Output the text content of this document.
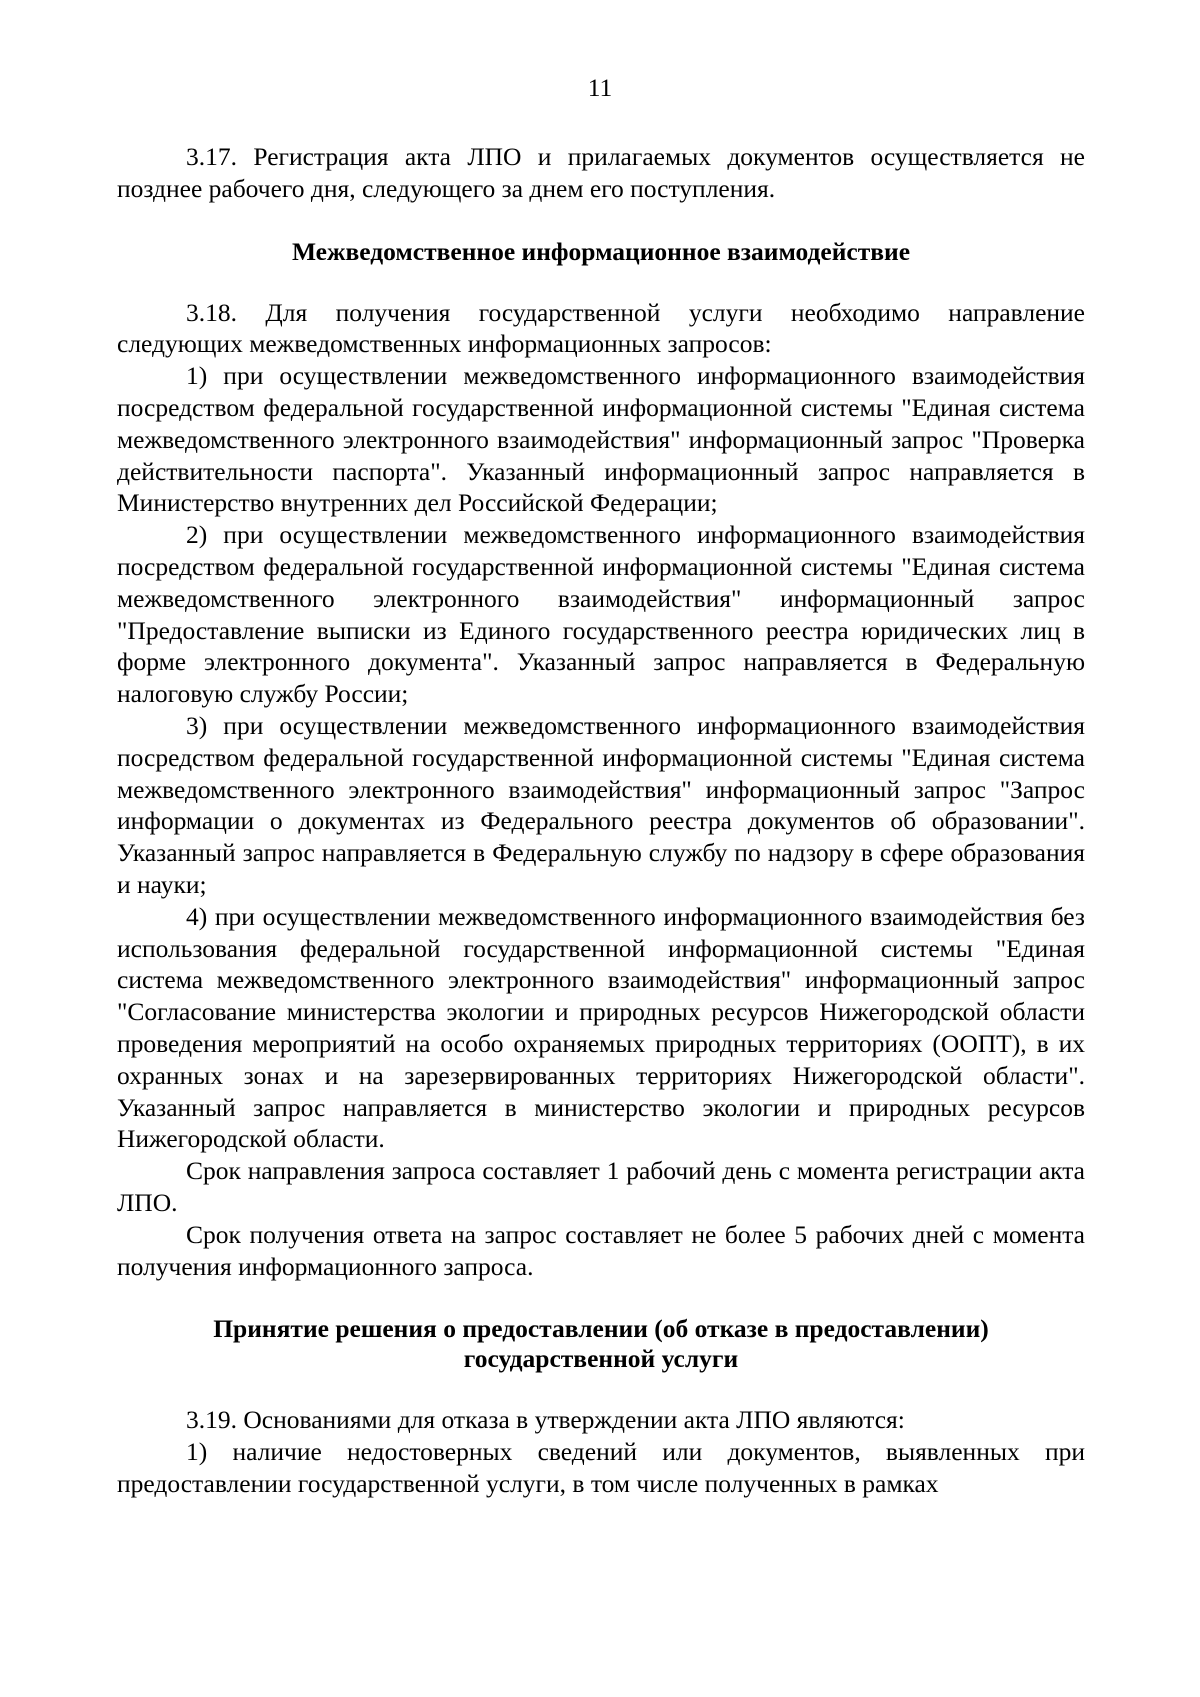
11

3.17. Регистрация акта ЛПО и прилагаемых документов осуществляется не позднее рабочего дня, следующего за днем его поступления.

Межведомственное информационное взаимодействие

3.18. Для получения государственной услуги необходимо направление следующих межведомственных информационных запросов:

1) при осуществлении межведомственного информационного взаимодействия посредством федеральной государственной информационной системы "Единая система межведомственного электронного взаимодействия" информационный запрос "Проверка действительности паспорта". Указанный информационный запрос направляется в Министерство внутренних дел Российской Федерации;

2) при осуществлении межведомственного информационного взаимодействия посредством федеральной государственной информационной системы "Единая система межведомственного электронного взаимодействия" информационный запрос "Предоставление выписки из Единого государственного реестра юридических лиц в форме электронного документа". Указанный запрос направляется в Федеральную налоговую службу России;

3) при осуществлении межведомственного информационного взаимодействия посредством федеральной государственной информационной системы "Единая система межведомственного электронного взаимодействия" информационный запрос "Запрос информации о документах из Федерального реестра документов об образовании". Указанный запрос направляется в Федеральную службу по надзору в сфере образования и науки;

4) при осуществлении межведомственного информационного взаимодействия без использования федеральной государственной информационной системы "Единая система межведомственного электронного взаимодействия" информационный запрос "Согласование министерства экологии и природных ресурсов Нижегородской области проведения мероприятий на особо охраняемых природных территориях (ООПТ), в их охранных зонах и на зарезервированных территориях Нижегородской области". Указанный запрос направляется в министерство экологии и природных ресурсов Нижегородской области.

Срок направления запроса составляет 1 рабочий день с момента регистрации акта ЛПО.

Срок получения ответа на запрос составляет не более 5 рабочих дней с момента получения информационного запроса.

Принятие решения о предоставлении (об отказе в предоставлении)
государственной услуги

3.19. Основаниями для отказа в утверждении акта ЛПО являются:

1) наличие недостоверных сведений или документов, выявленных при предоставлении государственной услуги, в том числе полученных в рамках
